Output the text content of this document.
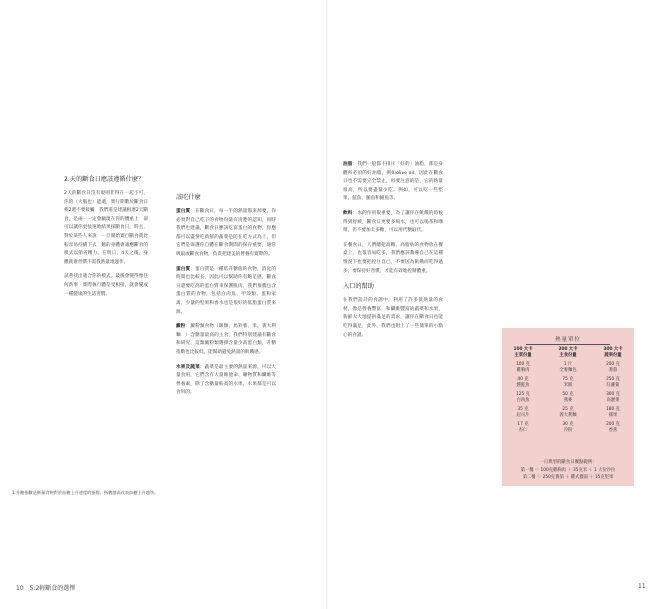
2.天的斷食日應該遵循什麼？

2天的斷食日沒有規則非得在一起不可，你的（大腦也）能適，實行期數於斷食日相2週不要接觸　我們還是建議相連2天斷食，是兩一一定會顧現在你的體重上　卻可以讓你更快速地結果採斷食日，時且，對於某些人來說　一旦開始實行斷食就比較容易持續下去　她的身體會適應斷食的模式以節省精力，在明日，4天之後，身體就會習慣不需我熱量地運作。

試著找出適合你的模式。最後會變得像任何新事　實際執行體是受相接，就會變成一種健康的生活習慣。

該吃什麼

蛋白質：在斷食日，每一半的熱量都來源要，你必須對自己吃下的食物份量有清楚的認知，同時我們也建議，斷食日應該吃富蛋白的食物，你應都可以盡情吃新鮮的蔬菜是防在吃方式為上，但它們是保護你自體在斷食期間的保存重要，通常吸取或斷食食物，負責把建美的營養有實際的。

蛋白質：蛋白質是一種低升糖值的食物，消化的時間也比較長，因此可以幫助你有飽足感，斷食日還要吃高的蛋白質來保護肌肉，我們推薦包含蛋白質的食物，包括白肉魚、甲殼類、蛋和家禽。少量的堅果和香水也是很好的低脂蛋白質來源。

澱粉：澱粉類食物（飯類、馬鈴薯、米，義大利麵　）含糖量最高的主食，我們特別建議有斷食和研究，這類澱粉類選擇含量少高蛋白類，升糖指數也比較低，能幫助避免熱量的飢餓感。

水果及蔬菜：蔬菜是最主要的熱量來源，可以大量食用，它們含有大量維他命、礦物質和纖維等營養素，除了含糖量較高的水果，水果都是可以食用的。

油脂：我們一般都不排斥「好的」油脂，那是身體所必須的好油脂，例如olive oil，因此在斷食日也不需要完全禁止，但要注意的是，它的熱量很高，所以要盡量少吃。例如，可以吃一些堅果，鮭魚、鮪魚和鯖魚等。

飲料：水的作用很重要，為了讓你在飢餓的時候得到舒緩，斷食日更要多喝水，也可以喝茶和咖啡，但不要加太多糖，可以用代糖取代。

在餐食日，人們總把高糖、高脂肪的食物放在餐桌上，也很容易吃多，我們應該教導自己在這種情況下也要把控住自己，不要因為飢餓而吃得過多，要保持好習慣，才能有效地控制體重。

入口的幫助

在我們設計的食譜中，利用了許多低熱量的食材，像是營養豐富　和纖維豐富的蔬菜和水果，新鮮大大地提供滿足的需求，讓你在斷食日也能吃得滿足，此外，我們也附上了一些簡單的小點心的食譜。

熱量單位
100 大卡
主菜份量
100 克
雞胸肉
40 克
燻鮭魚
125 克
白肉魚
35 克
起司片
17 克
杏仁
200 大卡
主食份量
1 片
全麥麵包
75 克
米飯
50 克
燕麥
25 克
義大利麵
30 克
冷粉
300 大卡
蔬果份量
200 克
番茄
250 克
紅蘿蔔
300 克
高麗菜
180 克
蘋果
200 克
香蕉
一日典型的斷食日餐點範例：
第一餐 ＝ 100克雞胸肉 ＋ 35克米 ＋ 1 大份沙拉
第二餐 ＝ 250克番茄 ＋ 雞式濃湯 ＋ 15克堅果
1.升糖指數是衡量食物對於血糖上升速度的指標，指數越高代表血糖上升越快。
10　5:2輕斷食的選擇	11
